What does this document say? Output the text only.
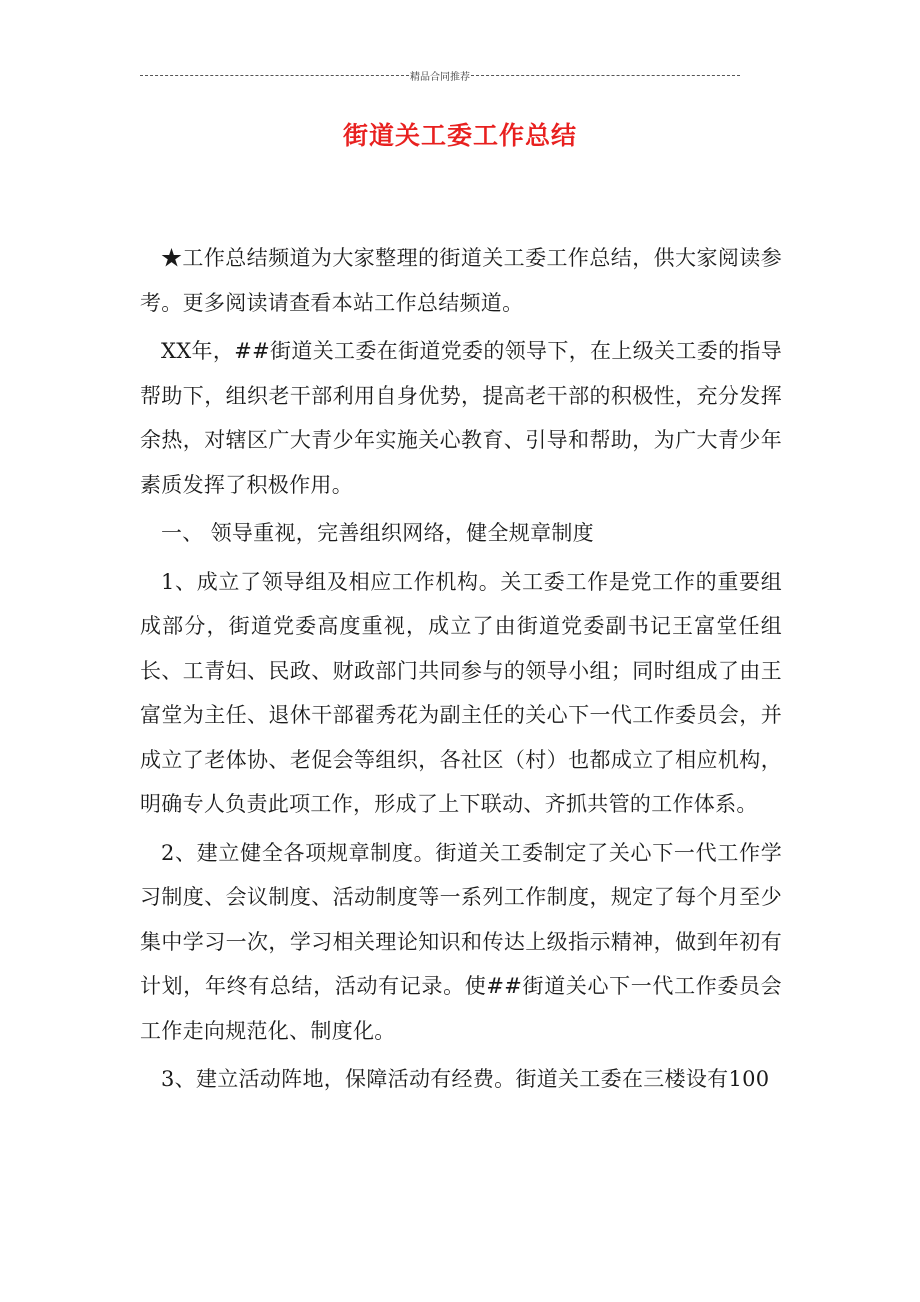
精品合同推荐
街道关工委工作总结

★工作总结频道为大家整理的街道关工委工作总结，供大家阅读参考。更多阅读请查看本站工作总结频道。

XX年，##街道关工委在街道党委的领导下，在上级关工委的指导帮助下，组织老干部利用自身优势，提高老干部的积极性，充分发挥余热，对辖区广大青少年实施关心教育、引导和帮助，为广大青少年素质发挥了积极作用。

一、 领导重视，完善组织网络，健全规章制度

1、成立了领导组及相应工作机构。关工委工作是党工作的重要组成部分，街道党委高度重视，成立了由街道党委副书记王富堂任组长、工青妇、民政、财政部门共同参与的领导小组；同时组成了由王富堂为主任、退休干部翟秀花为副主任的关心下一代工作委员会，并成立了老体协、老促会等组织，各社区（村）也都成立了相应机构，明确专人负责此项工作，形成了上下联动、齐抓共管的工作体系。

2、建立健全各项规章制度。街道关工委制定了关心下一代工作学习制度、会议制度、活动制度等一系列工作制度，规定了每个月至少集中学习一次，学习相关理论知识和传达上级指示精神，做到年初有计划，年终有总结，活动有记录。使##街道关心下一代工作委员会工作走向规范化、制度化。

3、建立活动阵地，保障活动有经费。街道关工委在三楼设有100
